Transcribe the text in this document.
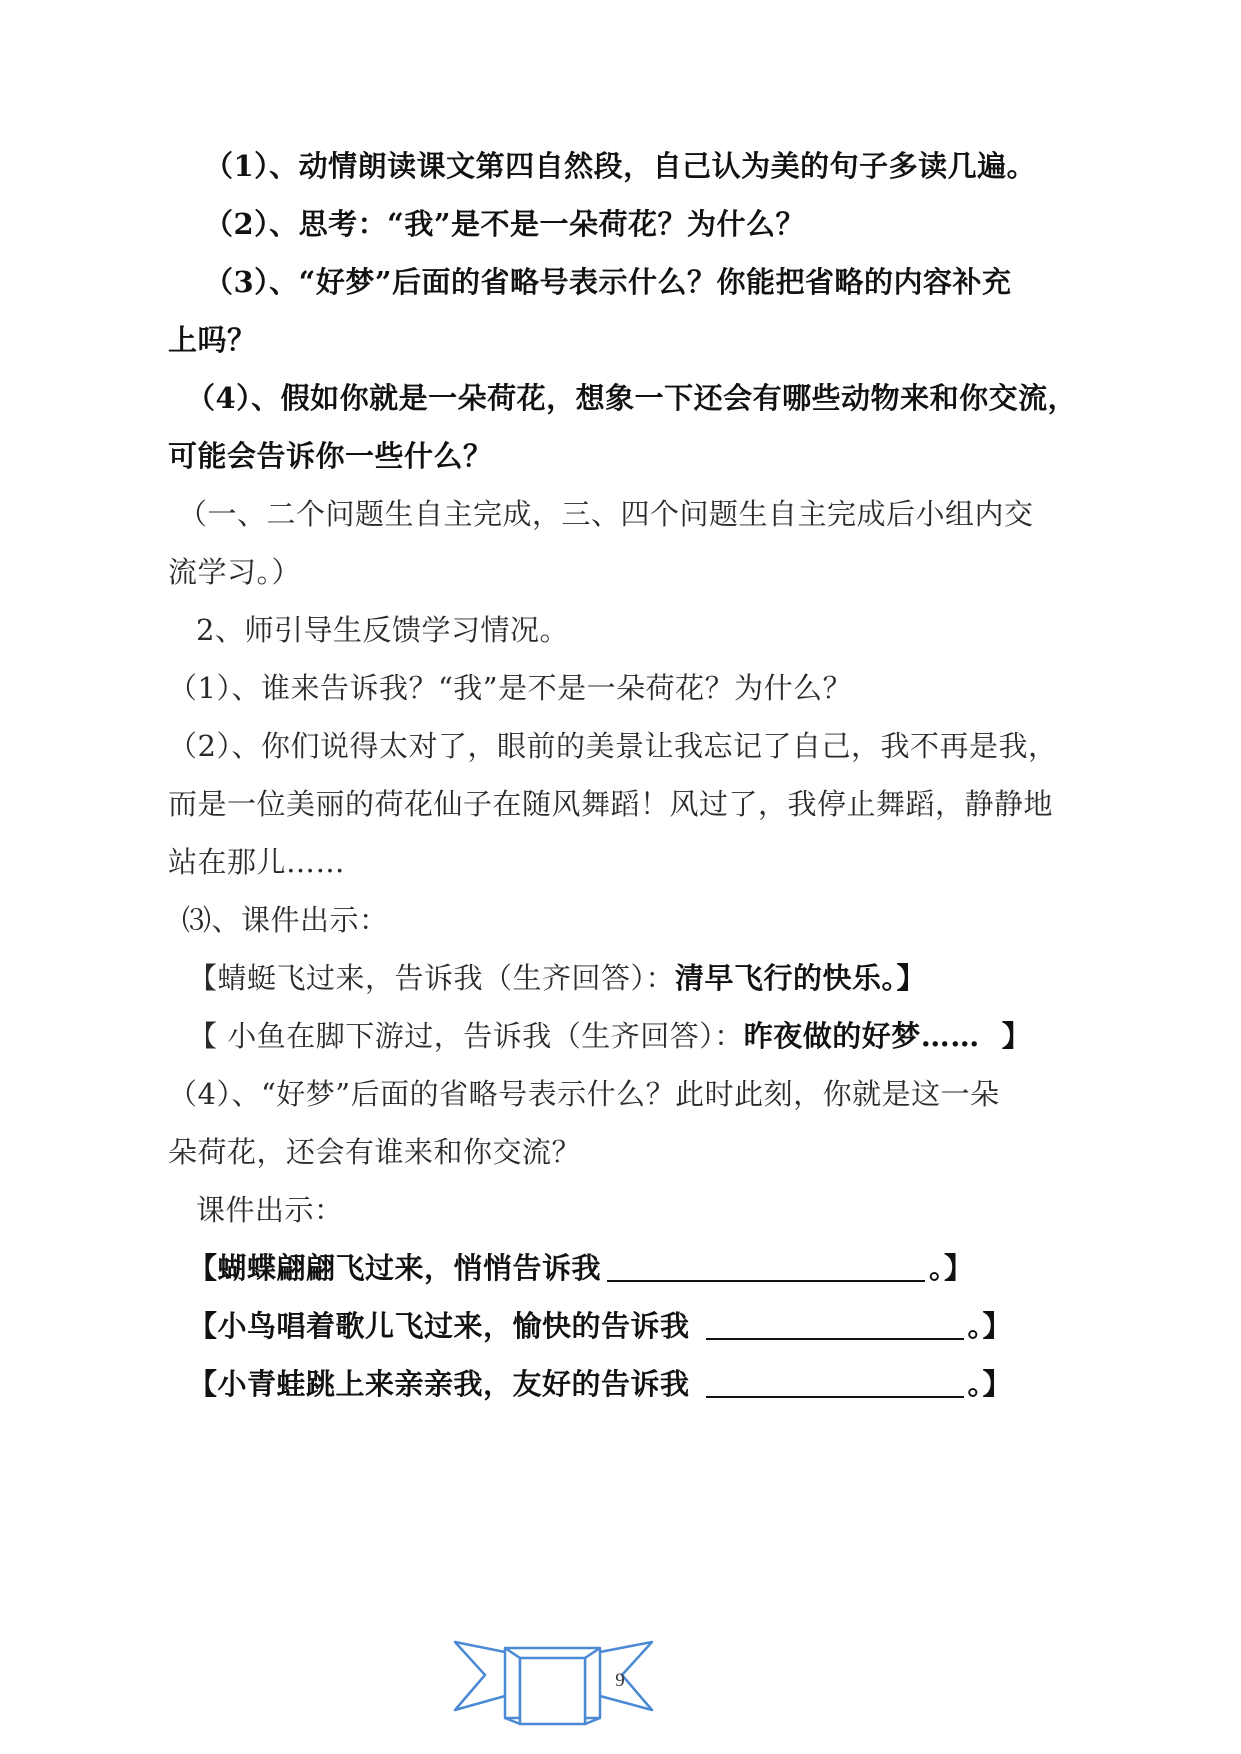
（1）、动情朗读课文第四自然段，自己认为美的句子多读几遍。
（2）、思考：“我”是不是一朵荷花？为什么？
（3）、“好梦”后面的省略号表示什么？你能把省略的内容补充
上吗？
（4）、假如你就是一朵荷花，想象一下还会有哪些动物来和你交流，
可能会告诉你一些什么？
（一、二个问题生自主完成，三、四个问题生自主完成后小组内交
流学习。）
2、师引导生反馈学习情况。
（1）、谁来告诉我？“我”是不是一朵荷花？为什么？
（2）、你们说得太对了，眼前的美景让我忘记了自己，我不再是我，
而是一位美丽的荷花仙子在随风舞蹈！风过了，我停止舞蹈，静静地
站在那儿……
⑶、课件出示：
【蜻蜓飞过来，告诉我（生齐回答）：清早飞行的快乐。】
【 小鱼在脚下游过，告诉我（生齐回答）：昨夜做的好梦…… 】
（4）、“好梦”后面的省略号表示什么？此时此刻，你就是这一朵
朵荷花，还会有谁来和你交流？
课件出示：
【蝴蝶翩翩飞过来，悄悄告诉我	。】
【小鸟唱着歌儿飞过来，愉快的告诉我	。】
【小青蛙跳上来亲亲我，友好的告诉我	。】
9
